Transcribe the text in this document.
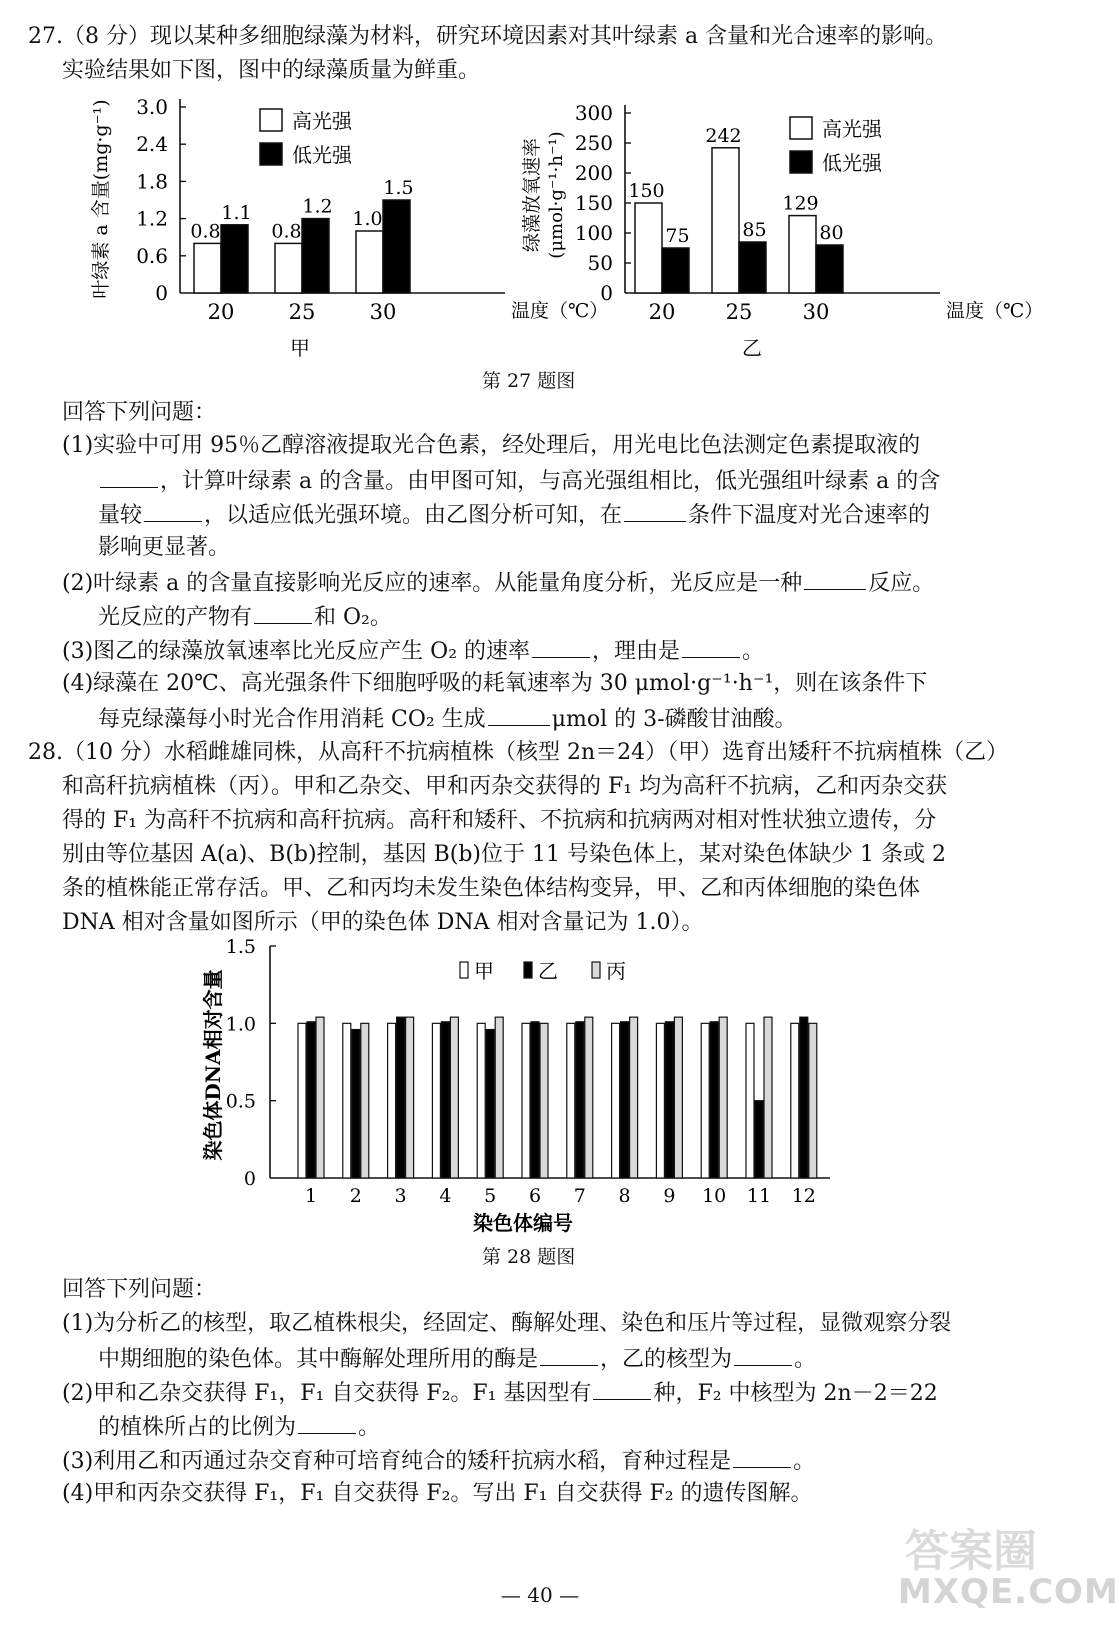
27.（8 分）现以某种多细胞绿藻为材料，研究环境因素对其叶绿素 a 含量和光合速率的影响。
实验结果如下图，图中的绿藻质量为鲜重。
0
0.6
1.2
1.8
2.4
3.0
0.8
1.1
20
0.8
1.2
25
1.0
1.5
30	温度（℃）
甲
高光强
低光强
叶绿素 a 含量(mg·g⁻¹)	0
50
100
150
200
250
300
150
75
20
242
85
25
129
80
30	温度（℃）
乙
高光强
低光强
绿藻放氧速率 (μmol·g⁻¹·h⁻¹)
第 27 题图
回答下列问题：
(1)实验中可用 95％乙醇溶液提取光合色素，经处理后，用光电比色法测定色素提取液的
，计算叶绿素 a 的含量。由甲图可知，与高光强组相比，低光强组叶绿素 a 的含
量较	，以适应低光强环境。由乙图分析可知，在	条件下温度对光合速率的
影响更显著。
(2)叶绿素 a 的含量直接影响光反应的速率。从能量角度分析，光反应是一种	反应。
光反应的产物有	和 O₂。
(3)图乙的绿藻放氧速率比光反应产生 O₂ 的速率	，理由是	。
(4)绿藻在 20℃、高光强条件下细胞呼吸的耗氧速率为 30 μmol·g⁻¹·h⁻¹，则在该条件下
每克绿藻每小时光合作用消耗 CO₂ 生成	μmol 的 3-磷酸甘油酸。
28.（10 分）水稻雌雄同株，从高秆不抗病植株（核型 2n＝24）（甲）选育出矮秆不抗病植株（乙）
和高秆抗病植株（丙）。甲和乙杂交、甲和丙杂交获得的 F₁ 均为高秆不抗病，乙和丙杂交获
得的 F₁ 为高秆不抗病和高秆抗病。高秆和矮秆、不抗病和抗病两对相对性状独立遗传，分
别由等位基因 A(a)、B(b)控制，基因 B(b)位于 11 号染色体上，某对染色体缺少 1 条或 2
条的植株能正常存活。甲、乙和丙均未发生染色体结构变异，甲、乙和丙体细胞的染色体
DNA 相对含量如图所示（甲的染色体 DNA 相对含量记为 1.0）。
0
0.5
1.0
1.5
1 2 3 4 5 6 7 8 9 10 11 12
染色体编号
染色体DNA相对含量	甲 乙 丙
第 28 题图
回答下列问题：
(1)为分析乙的核型，取乙植株根尖，经固定、酶解处理、染色和压片等过程，显微观察分裂
中期细胞的染色体。其中酶解处理所用的酶是	，乙的核型为	。
(2)甲和乙杂交获得 F₁，F₁ 自交获得 F₂。F₁ 基因型有	种，F₂ 中核型为 2n－2＝22
的植株所占的比例为	。
(3)利用乙和丙通过杂交育种可培育纯合的矮秆抗病水稻，育种过程是	。
(4)甲和丙杂交获得 F₁，F₁ 自交获得 F₂。写出 F₁ 自交获得 F₂ 的遗传图解。
— 40 —
答案圈
MXQE.COM
